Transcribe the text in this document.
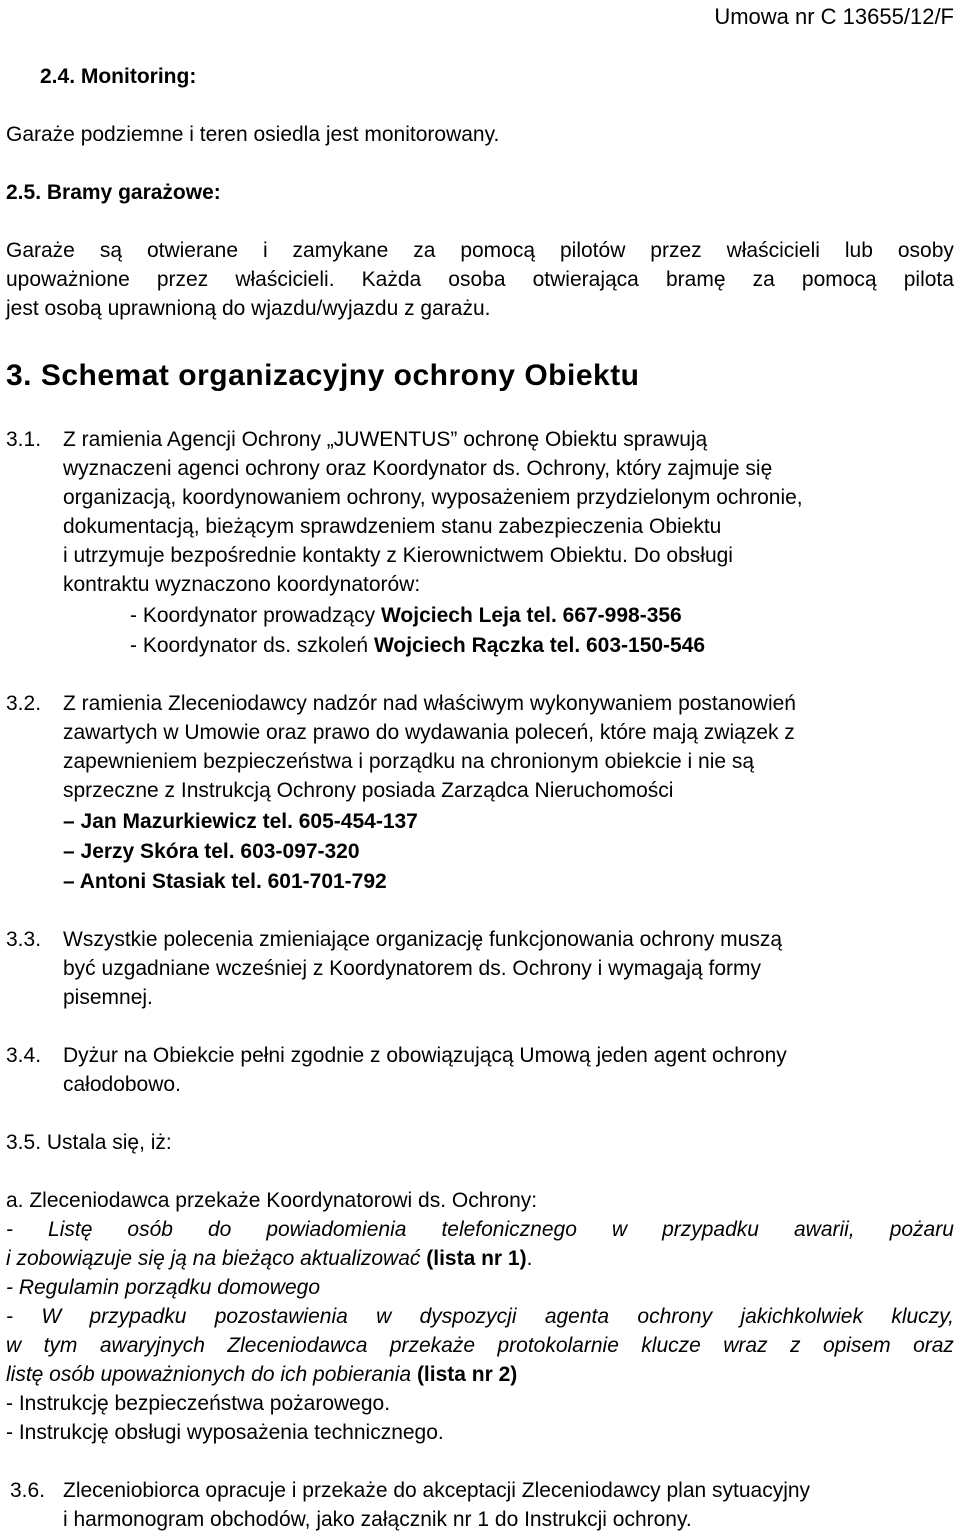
Umowa nr C 13655/12/F
2.4. Monitoring:
Garaże podziemne i teren osiedla jest monitorowany.
2.5. Bramy garażowe:
Garaże są otwierane i zamykane za pomocą pilotów przez właścicieli lub osoby
upoważnione przez właścicieli. Każda osoba otwierająca bramę za pomocą pilota
jest osobą uprawnioną do wjazdu/wyjazdu z garażu.
3. Schemat organizacyjny ochrony Obiektu
3.1. Z ramienia Agencji Ochrony „JUWENTUS” ochronę Obiektu sprawują
wyznaczeni agenci ochrony oraz Koordynator ds. Ochrony, który zajmuje się
organizacją, koordynowaniem ochrony, wyposażeniem przydzielonym ochronie,
dokumentacją, bieżącym sprawdzeniem stanu zabezpieczenia Obiektu
i utrzymuje bezpośrednie kontakty z Kierownictwem Obiektu. Do obsługi
kontraktu wyznaczono koordynatorów:
- Koordynator prowadzący Wojciech Leja tel. 667-998-356
- Koordynator ds. szkoleń Wojciech Rączka tel. 603-150-546
3.2. Z ramienia Zleceniodawcy nadzór nad właściwym wykonywaniem postanowień
zawartych w Umowie oraz prawo do wydawania poleceń, które mają związek z
zapewnieniem bezpieczeństwa i porządku na chronionym obiekcie i nie są
sprzeczne z Instrukcją Ochrony posiada Zarządca Nieruchomości
– Jan Mazurkiewicz tel. 605-454-137
– Jerzy Skóra tel. 603-097-320
– Antoni Stasiak tel. 601-701-792
3.3. Wszystkie polecenia zmieniające organizację funkcjonowania ochrony muszą
być uzgadniane wcześniej z Koordynatorem ds. Ochrony i wymagają formy
pisemnej.
3.4. Dyżur na Obiekcie pełni zgodnie z obowiązującą Umową jeden agent ochrony
całodobowo.
3.5. Ustala się, iż:
a. Zleceniodawca przekaże Koordynatorowi ds. Ochrony:
- Listę osób do powiadomienia telefonicznego w przypadku awarii, pożaru
i zobowiązuje się ją na bieżąco aktualizować (lista nr 1).
- Regulamin porządku domowego
- W przypadku pozostawienia w dyspozycji agenta ochrony jakichkolwiek kluczy,
w tym awaryjnych Zleceniodawca przekaże protokolarnie klucze wraz z opisem oraz
listę osób upoważnionych do ich pobierania (lista nr 2)
- Instrukcję bezpieczeństwa pożarowego.
- Instrukcję obsługi wyposażenia technicznego.
3.6. Zleceniobiorca opracuje i przekaże do akceptacji Zleceniodawcy plan sytuacyjny
i harmonogram obchodów, jako załącznik nr 1 do Instrukcji ochrony.
